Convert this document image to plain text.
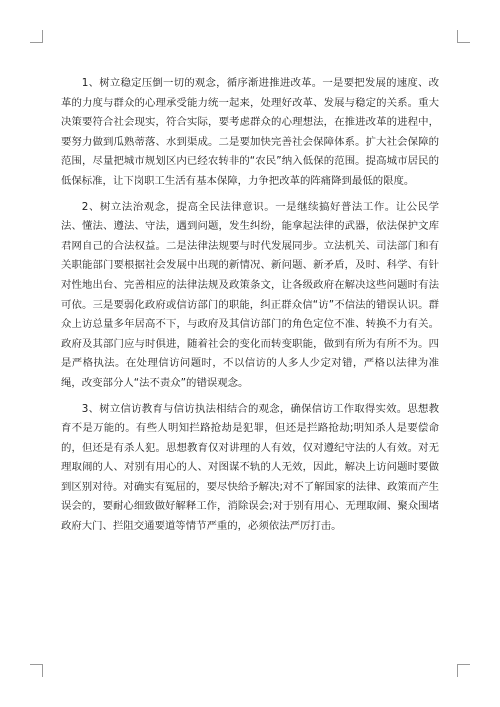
1、树立稳定压倒一切的观念，循序渐进推进改革。一是要把发展的速度、改革的力度与群众的心理承受能力统一起来，处理好改革、发展与稳定的关系。重大决策要符合社会现实，符合实际，要考虑群众的心理想法，在推进改革的进程中，要努力做到瓜熟蒂落、水到渠成。二是要加快完善社会保障体系。扩大社会保障的范围，尽量把城市规划区内已经农转非的“农民”纳入低保的范围。提高城市居民的低保标准，让下岗职工生活有基本保障，力争把改革的阵痛降到最低的限度。

2、树立法治观念，提高全民法律意识。一是继续搞好普法工作。让公民学法、懂法、遵法、守法，遇到问题，发生纠纷，能拿起法律的武器，依法保护文库君网自己的合法权益。二是法律法规要与时代发展同步。立法机关、司法部门和有关职能部门要根据社会发展中出现的新情况、新问题、新矛盾，及时、科学、有针对性地出台、完善相应的法律法规及政策条文，让各级政府在解决这些问题时有法可依。三是要弱化政府或信访部门的职能，纠正群众信“访”不信法的错误认识。群众上访总量多年居高不下，与政府及其信访部门的角色定位不准、转换不力有关。政府及其部门应与时俱进，随着社会的变化而转变职能，做到有所为有所不为。四是严格执法。在处理信访问题时，不以信访的人多人少定对错，严格以法律为准绳，改变部分人“法不责众”的错误观念。

3、树立信访教育与信访执法相结合的观念，确保信访工作取得实效。思想教育不是万能的。有些人明知拦路抢劫是犯罪，但还是拦路抢劫;明知杀人是要偿命的，但还是有杀人犯。思想教育仅对讲理的人有效，仅对遵纪守法的人有效。对无理取闹的人、对别有用心的人、对图谋不轨的人无效，因此，解决上访问题时要做到区别对待。对确实有冤屈的，要尽快给予解决;对不了解国家的法律、政策而产生误会的，要耐心细致做好解释工作，消除误会;对于别有用心、无理取闹、聚众围堵政府大门、拦阻交通要道等情节严重的，必须依法严厉打击。
